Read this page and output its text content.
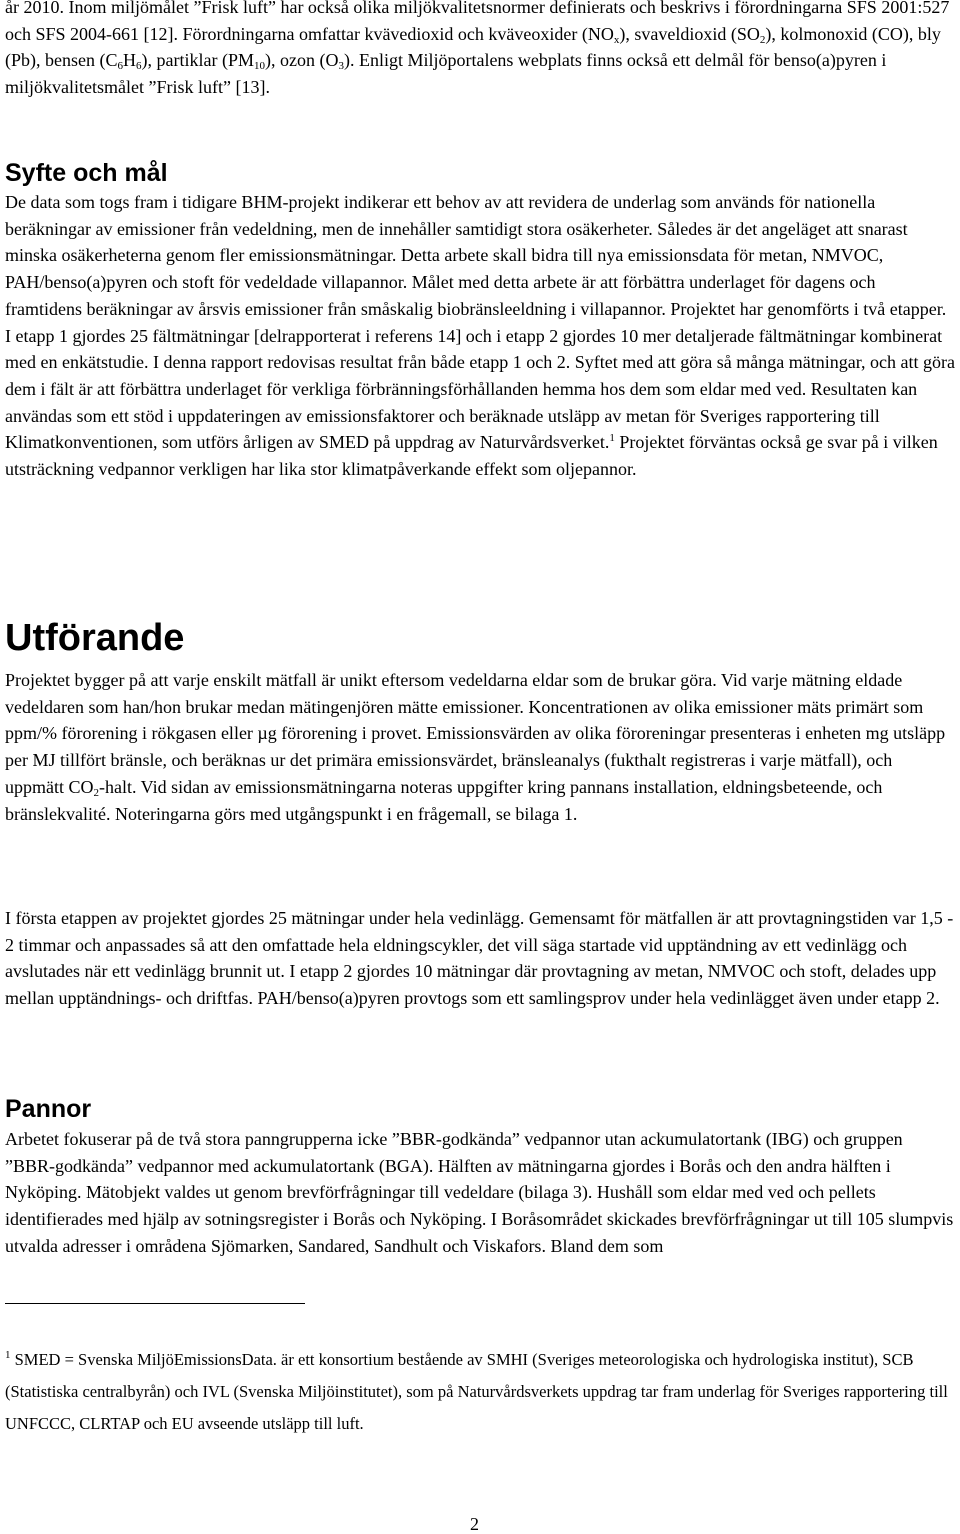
år 2010. Inom miljömålet ”Frisk luft” har också olika miljökvalitetsnormer definierats och beskrivs i förordningarna SFS 2001:527 och SFS 2004-661 [12]. Förordningarna omfattar kvävedioxid och kväveoxider $(NO_x)$, svaveldioxid $(SO_2)$, kolmonoxid (CO), bly (Pb), bensen $(C_6H_6)$, partiklar $(PM_{10})$, ozon $(O_3)$. Enligt Miljöportalens webplats finns också ett delmål för benso(a)pyren i miljökvalitetsmålet ”Frisk luft” [13].

Syfte och mål

De data som togs fram i tidigare BHM-projekt indikerar ett behov av att revidera de underlag som används för nationella beräkningar av emissioner från vedeldning, men de innehåller samtidigt stora osäkerheter. Således är det angeläget att snarast minska osäkerheterna genom fler emissionsmätningar. Detta arbete skall bidra till nya emissionsdata för metan, NMVOC, PAH/benso(a)pyren och stoft för vedeldade villapannor. Målet med detta arbete är att förbättra underlaget för dagens och framtidens beräkningar av årsvis emissioner från småskalig biobränsleeldning i villapannor. Projektet har genomförts i två etapper. I etapp 1 gjordes 25 fältmätningar [delrapporterat i referens 14] och i etapp 2 gjordes 10 mer detaljerade fältmätningar kombinerat med en enkätstudie. I denna rapport redovisas resultat från både etapp 1 och 2. Syftet med att göra så många mätningar, och att göra dem i fält är att förbättra underlaget för verkliga förbränningsförhållanden hemma hos dem som eldar med ved. Resultaten kan användas som ett stöd i uppdateringen av emissionsfaktorer och beräknade utsläpp av metan för Sveriges rapportering till Klimatkonventionen, som utförs årligen av SMED på uppdrag av Naturvårdsverket.$^1$ Projektet förväntas också ge svar på i vilken utsträckning vedpannor verkligen har lika stor klimatpåverkande effekt som oljepannor.

Utförande

Projektet bygger på att varje enskilt mätfall är unikt eftersom vedeldarna eldar som de brukar göra. Vid varje mätning eldade vedeldaren som han/hon brukar medan mätingenjören mätte emissioner. Koncentrationen av olika emissioner mäts primärt som ppm/% förorening i rökgasen eller µg förorening i provet. Emissionsvärden av olika föroreningar presenteras i enheten mg utsläpp per MJ tillfört bränsle, och beräknas ur det primära emissionsvärdet, bränsleanalys (fukthalt registreras i varje mätfall), och uppmätt $CO_2$-halt. Vid sidan av emissionsmätningarna noteras uppgifter kring pannans installation, eldningsbeteende, och bränslekvalité. Noteringarna görs med utgångspunkt i en frågemall, se bilaga 1.

I första etappen av projektet gjordes 25 mätningar under hela vedinlägg. Gemensamt för mätfallen är att provtagningstiden var 1,5 - 2 timmar och anpassades så att den omfattade hela eldningscykler, det vill säga startade vid upptändning av ett vedinlägg och avslutades när ett vedinlägg brunnit ut. I etapp 2 gjordes 10 mätningar där provtagning av metan, NMVOC och stoft, delades upp mellan upptändnings- och driftfas. PAH/benso(a)pyren provtogs som ett samlingsprov under hela vedinlägget även under etapp 2.

Pannor

Arbetet fokuserar på de två stora panngrupperna icke ”BBR-godkända” vedpannor utan ackumulatortank (IBG) och gruppen ”BBR-godkända” vedpannor med ackumulatortank (BGA). Hälften av mätningarna gjordes i Borås och den andra hälften i Nyköping. Mätobjekt valdes ut genom brevförfrågningar till vedeldare (bilaga 3). Hushåll som eldar med ved och pellets identifierades med hjälp av sotningsregister i Borås och Nyköping. I Boråsområdet skickades brevförfrågningar ut till 105 slumpvis utvalda adresser i områdena Sjömarken, Sandared, Sandhult och Viskafors. Bland dem som

$^1$ SMED = Svenska MiljöEmissionsData. är ett konsortium bestående av SMHI (Sveriges meteorologiska och hydrologiska institut), SCB (Statistiska centralbyrån) och IVL (Svenska Miljöinstitutet), som på Naturvårdsverkets uppdrag tar fram underlag för Sveriges rapportering till UNFCCC, CLRTAP och EU avseende utsläpp till luft.

2
